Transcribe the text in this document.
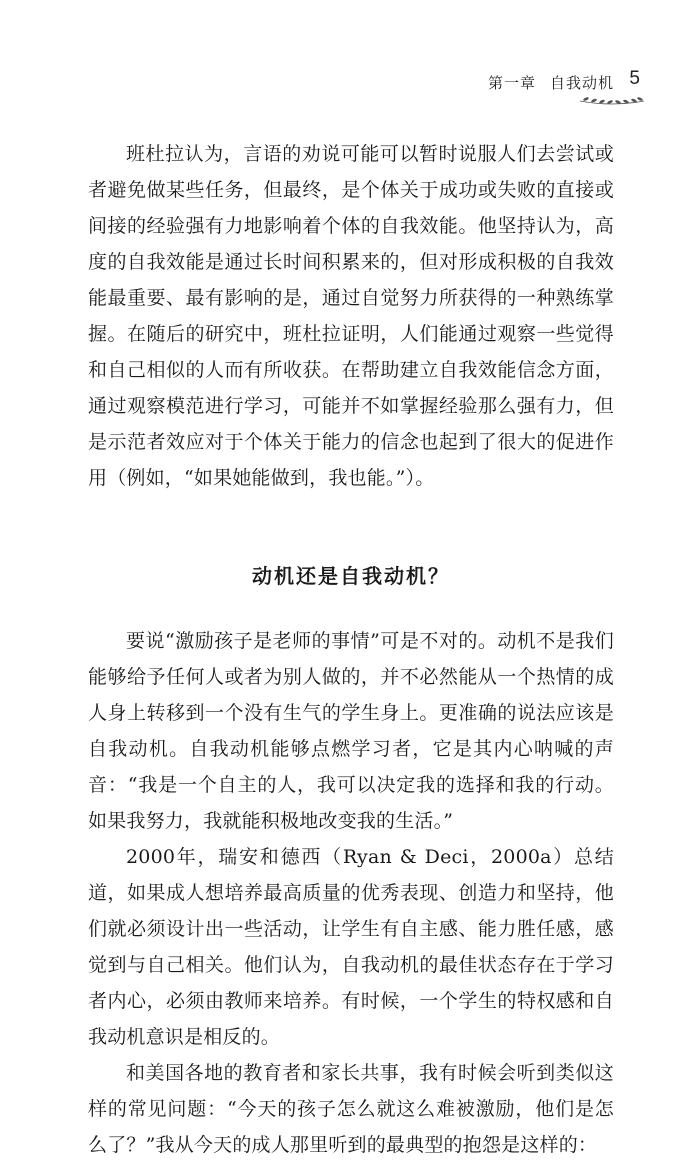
第一章 自我动机 5

班杜拉认为，言语的劝说可能可以暂时说服人们去尝试或者避免做某些任务，但最终，是个体关于成功或失败的直接或间接的经验强有力地影响着个体的自我效能。他坚持认为，高度的自我效能是通过长时间积累来的，但对形成积极的自我效能最重要、最有影响的是，通过自觉努力所获得的一种熟练掌握。在随后的研究中，班杜拉证明，人们能通过观察一些觉得和自己相似的人而有所收获。在帮助建立自我效能信念方面，通过观察模范进行学习，可能并不如掌握经验那么强有力，但是示范者效应对于个体关于能力的信念也起到了很大的促进作用（例如，“如果她能做到，我也能。”）。

动机还是自我动机？

要说“激励孩子是老师的事情”可是不对的。动机不是我们能够给予任何人或者为别人做的，并不必然能从一个热情的成人身上转移到一个没有生气的学生身上。更准确的说法应该是自我动机。自我动机能够点燃学习者，它是其内心呐喊的声音：“我是一个自主的人，我可以决定我的选择和我的行动。如果我努力，我就能积极地改变我的生活。”

2000年，瑞安和德西（Ryan & Deci，2000a）总结道，如果成人想培养最高质量的优秀表现、创造力和坚持，他们就必须设计出一些活动，让学生有自主感、能力胜任感，感觉到与自己相关。他们认为，自我动机的最佳状态存在于学习者内心，必须由教师来培养。有时候，一个学生的特权感和自我动机意识是相反的。

和美国各地的教育者和家长共事，我有时候会听到类似这样的常见问题：“今天的孩子怎么就这么难被激励，他们是怎么了？”我从今天的成人那里听到的最典型的抱怨是这样的：
